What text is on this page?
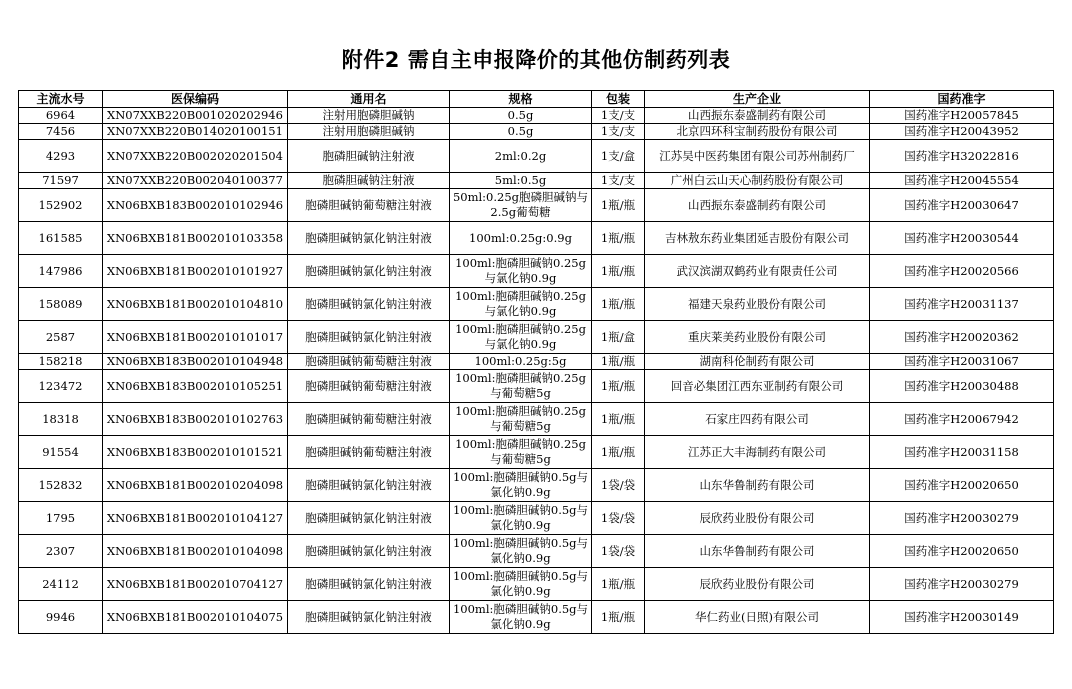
附件2 需自主申报降价的其他仿制药列表
主流水号	医保编码	通用名	规格	包装	生产企业	国药准字
6964	XN07XXB220B001020202946	注射用胞磷胆碱钠	0.5g	1支/支	山西振东泰盛制药有限公司	国药准字H20057845
7456	XN07XXB220B014020100151	注射用胞磷胆碱钠	0.5g	1支/支	北京四环科宝制药股份有限公司	国药准字H20043952
4293	XN07XXB220B002020201504	胞磷胆碱钠注射液	2ml:0.2g	1支/盒	江苏吴中医药集团有限公司苏州制药厂	国药准字H32022816
71597	XN07XXB220B002040100377	胞磷胆碱钠注射液	5ml:0.5g	1支/支	广州白云山天心制药股份有限公司	国药准字H20045554
152902	XN06BXB183B002010102946	胞磷胆碱钠葡萄糖注射液	50ml:0.25g胞磷胆碱钠与2.5g葡萄糖	1瓶/瓶	山西振东泰盛制药有限公司	国药准字H20030647
161585	XN06BXB181B002010103358	胞磷胆碱钠氯化钠注射液	100ml:0.25g:0.9g	1瓶/瓶	吉林敖东药业集团延吉股份有限公司	国药准字H20030544
147986	XN06BXB181B002010101927	胞磷胆碱钠氯化钠注射液	100ml:胞磷胆碱钠0.25g与氯化钠0.9g	1瓶/瓶	武汉滨湖双鹤药业有限责任公司	国药准字H20020566
158089	XN06BXB181B002010104810	胞磷胆碱钠氯化钠注射液	100ml:胞磷胆碱钠0.25g与氯化钠0.9g	1瓶/瓶	福建天泉药业股份有限公司	国药准字H20031137
2587	XN06BXB181B002010101017	胞磷胆碱钠氯化钠注射液	100ml:胞磷胆碱钠0.25g与氯化钠0.9g	1瓶/盒	重庆莱美药业股份有限公司	国药准字H20020362
158218	XN06BXB183B002010104948	胞磷胆碱钠葡萄糖注射液	100ml:0.25g:5g	1瓶/瓶	湖南科伦制药有限公司	国药准字H20031067
123472	XN06BXB183B002010105251	胞磷胆碱钠葡萄糖注射液	100ml:胞磷胆碱钠0.25g与葡萄糖5g	1瓶/瓶	回音必集团江西东亚制药有限公司	国药准字H20030488
18318	XN06BXB183B002010102763	胞磷胆碱钠葡萄糖注射液	100ml:胞磷胆碱钠0.25g与葡萄糖5g	1瓶/瓶	石家庄四药有限公司	国药准字H20067942
91554	XN06BXB183B002010101521	胞磷胆碱钠葡萄糖注射液	100ml:胞磷胆碱钠0.25g与葡萄糖5g	1瓶/瓶	江苏正大丰海制药有限公司	国药准字H20031158
152832	XN06BXB181B002010204098	胞磷胆碱钠氯化钠注射液	100ml:胞磷胆碱钠0.5g与氯化钠0.9g	1袋/袋	山东华鲁制药有限公司	国药准字H20020650
1795	XN06BXB181B002010104127	胞磷胆碱钠氯化钠注射液	100ml:胞磷胆碱钠0.5g与氯化钠0.9g	1袋/袋	辰欣药业股份有限公司	国药准字H20030279
2307	XN06BXB181B002010104098	胞磷胆碱钠氯化钠注射液	100ml:胞磷胆碱钠0.5g与氯化钠0.9g	1袋/袋	山东华鲁制药有限公司	国药准字H20020650
24112	XN06BXB181B002010704127	胞磷胆碱钠氯化钠注射液	100ml:胞磷胆碱钠0.5g与氯化钠0.9g	1瓶/瓶	辰欣药业股份有限公司	国药准字H20030279
9946	XN06BXB181B002010104075	胞磷胆碱钠氯化钠注射液	100ml:胞磷胆碱钠0.5g与氯化钠0.9g	1瓶/瓶	华仁药业(日照)有限公司	国药准字H20030149
